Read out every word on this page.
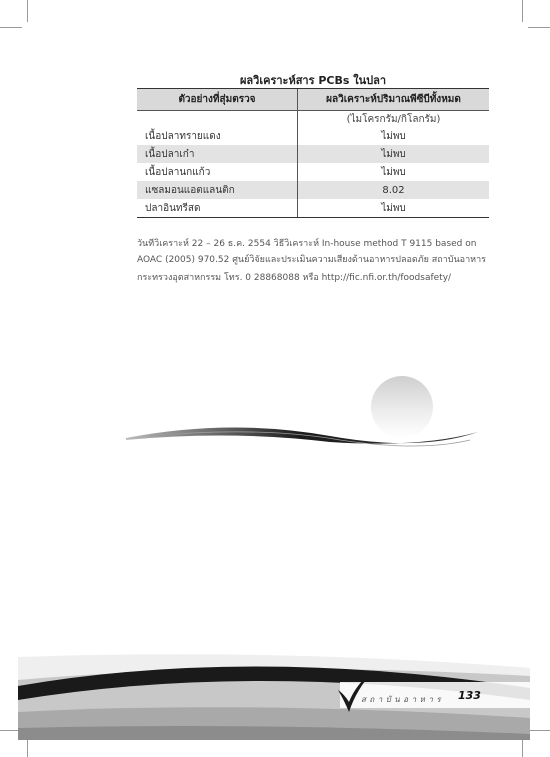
ผลวิเคราะห์สาร PCBs ในปลา
ตัวอย่างที่สุ่มตรวจ	ผลวิเคราะห์ปริมาณพีซีบีทั้งหมด
	(ไมโครกรัม/กิโลกรัม)
เนื้อปลาทรายแดง	ไม่พบ
เนื้อปลาเก๋า	ไม่พบ
เนื้อปลานกแก้ว	ไม่พบ
แซลมอนแอตแลนติก	8.02
ปลาอินทรีสด	ไม่พบ
วันที่วิเคราะห์ 22 – 26 ธ.ค. 2554 วิธีวิเคราะห์ In-house method T 9115 based on
AOAC (2005) 970.52 ศูนย์วิจัยและประเมินความเสี่ยงด้านอาหารปลอดภัย สถาบันอาหาร
กระทรวงอุตสาหกรรม โทร. 0 28868088 หรือ http://fic.nfi.or.th/foodsafety/
สถาบันอาหาร 133
